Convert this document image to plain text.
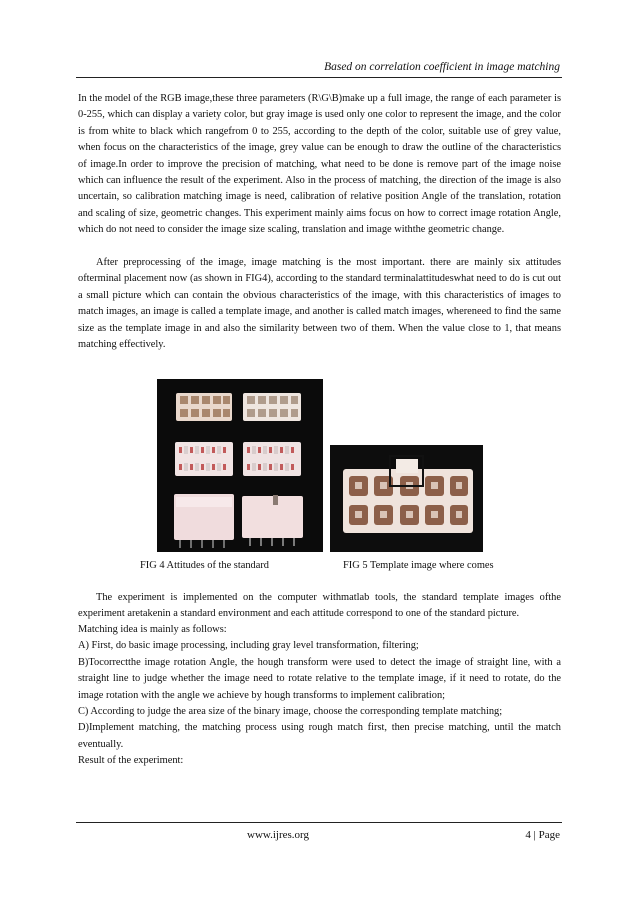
Based on correlation coefficient in image matching

In the model of the RGB image,these three parameters (R\G\B)make up a full image, the range of each parameter is 0-255, which can display a variety color, but gray image is used only one color to represent the image, and the color is from white to black which rangefrom 0 to 255, according to the depth of the color, suitable use of grey value, when focus on the characteristics of the image, grey value can be enough to draw the outline of the characteristics of image.In order to improve the precision of matching, what need to be done is remove part of the image noise which can influence the result of the experiment. Also in the process of matching, the direction of the image is also uncertain, so calibration matching image is need, calibration of relative position Angle of the translation, rotation and scaling of size, geometric changes. This experiment mainly aims focus on how to correct image rotation Angle, which do not need to consider the image size scaling, translation and image withthe geometric change.

After preprocessing of the image, image matching is the most important. there are mainly six attitudes ofterminal placement now (as shown in FIG4), according to the standard terminalattitudeswhat need to do is cut out a small picture which can contain the obvious characteristics of the image, with this characteristics of images to match images, an image is called a template image, and another is called match images, whereneed to find the same size as the template image in and also the similarity between two of them. When the value close to 1, that means matching effectively.

FIG 4 Attitudes of the standard	FIG 5 Template image where comes

The experiment is implemented on the computer withmatlab tools, the standard template images ofthe experiment aretakenin a standard environment and each attitude correspond to one of the standard picture.

Matching idea is mainly as follows:

A) First, do basic image processing, including gray level transformation, filtering;

B)Tocorrectthe image rotation Angle, the hough transform were used to detect the image of straight line, with a straight line to judge whether the image need to rotate relative to the template image, if it need to rotate, do the image rotation with the angle we achieve by hough transforms to implement calibration;

C) According to judge the area size of the binary image, choose the corresponding template matching;

D)Implement matching, the matching process using rough match first, then precise matching, until the match eventually.

Result of the experiment:

www.ijres.org	4 | Page
